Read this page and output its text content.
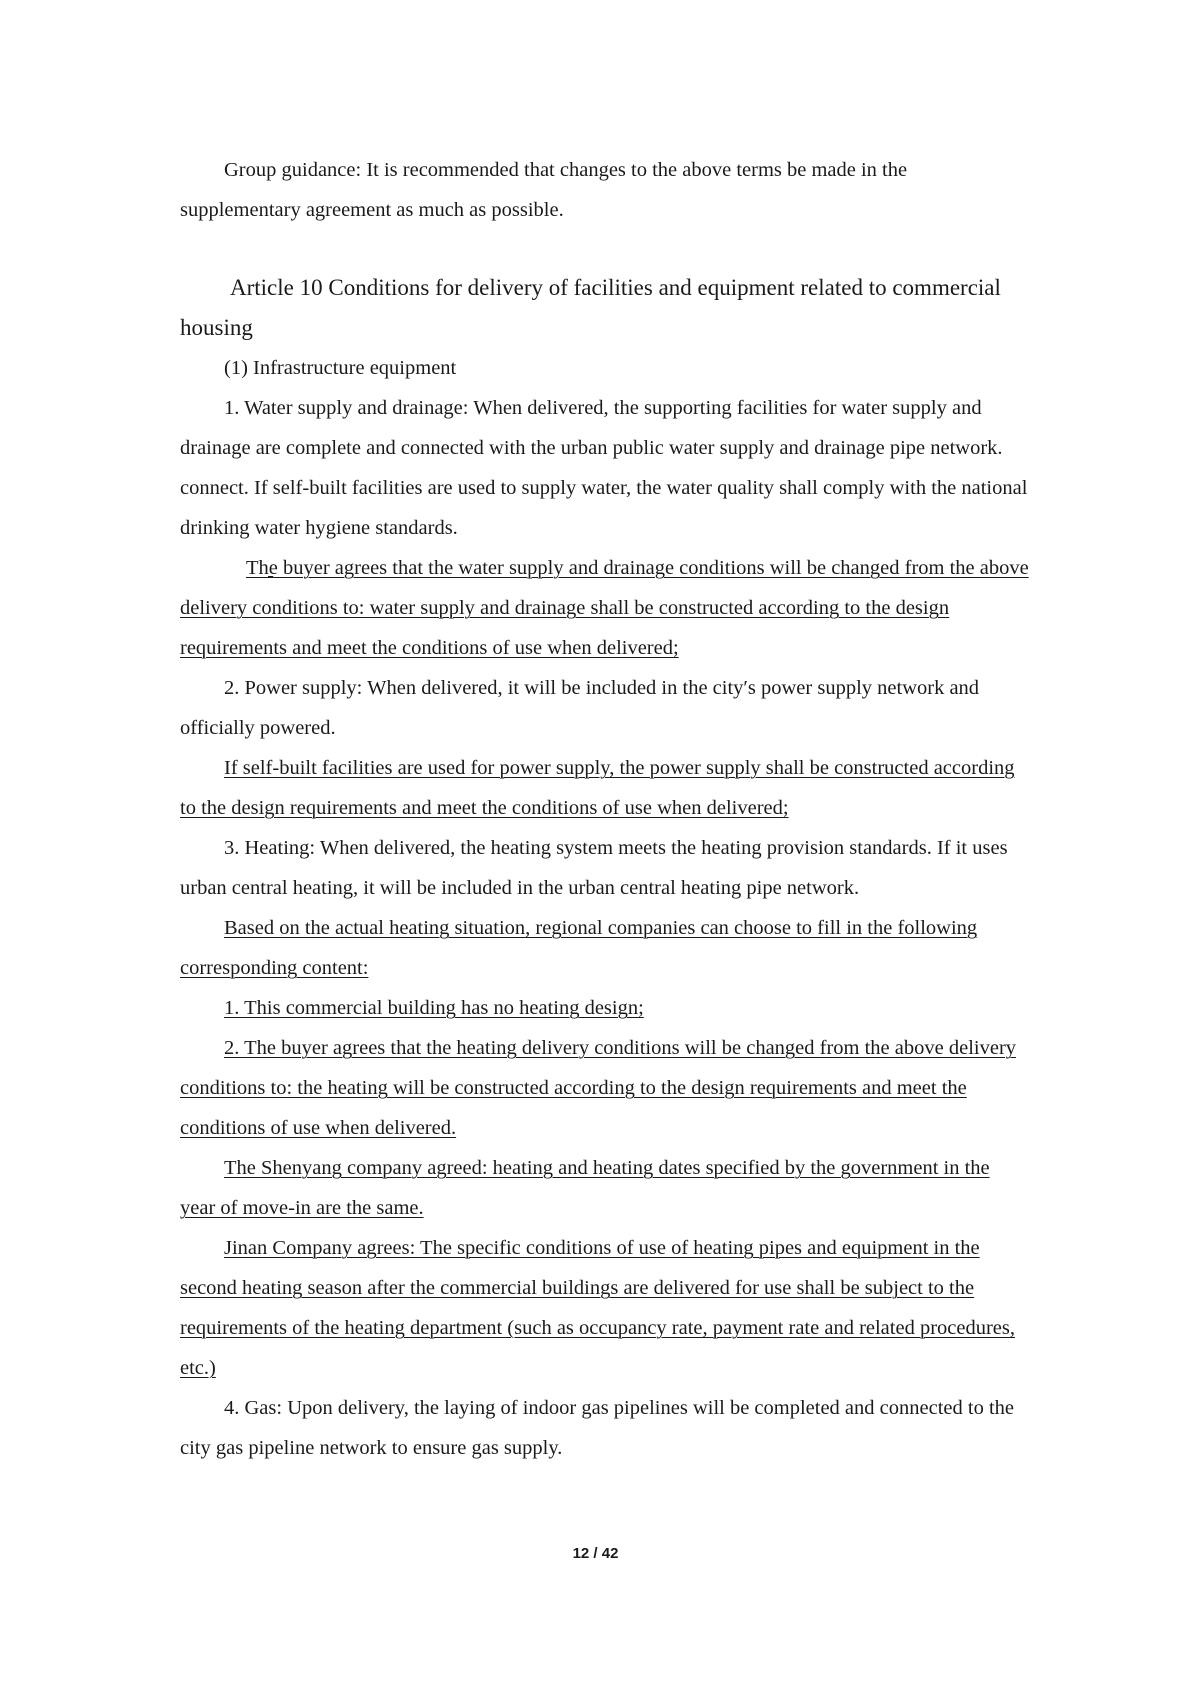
Group guidance: It is recommended that changes to the above terms be made in the supplementary agreement as much as possible.

Article 10 Conditions for delivery of facilities and equipment related to commercial housing

(1) Infrastructure equipment

1. Water supply and drainage: When delivered, the supporting facilities for water supply and drainage are complete and connected with the urban public water supply and drainage pipe network.

connect. If self-built facilities are used to supply water, the water quality shall comply with the national drinking water hygiene standards.

The buyer agrees that the water supply and drainage conditions will be changed from the above delivery conditions to: water supply and drainage shall be constructed according to the design requirements and meet the conditions of use when delivered;

2. Power supply: When delivered, it will be included in the city′s power supply network and officially powered.

If self-built facilities are used for power supply, the power supply shall be constructed according to the design requirements and meet the conditions of use when delivered;

3. Heating: When delivered, the heating system meets the heating provision standards. If it uses urban central heating, it will be included in the urban central heating pipe network.

Based on the actual heating situation, regional companies can choose to fill in the following corresponding content:

1. This commercial building has no heating design;

2. The buyer agrees that the heating delivery conditions will be changed from the above delivery conditions to: the heating will be constructed according to the design requirements and meet the conditions of use when delivered.

The Shenyang company agreed: heating and heating dates specified by the government in the year of move-in are the same.

Jinan Company agrees: The specific conditions of use of heating pipes and equipment in the second heating season after the commercial buildings are delivered for use shall be subject to the requirements of the heating department (such as occupancy rate, payment rate and related procedures, etc.)

4. Gas: Upon delivery, the laying of indoor gas pipelines will be completed and connected to the city gas pipeline network to ensure gas supply.

12 / 42
